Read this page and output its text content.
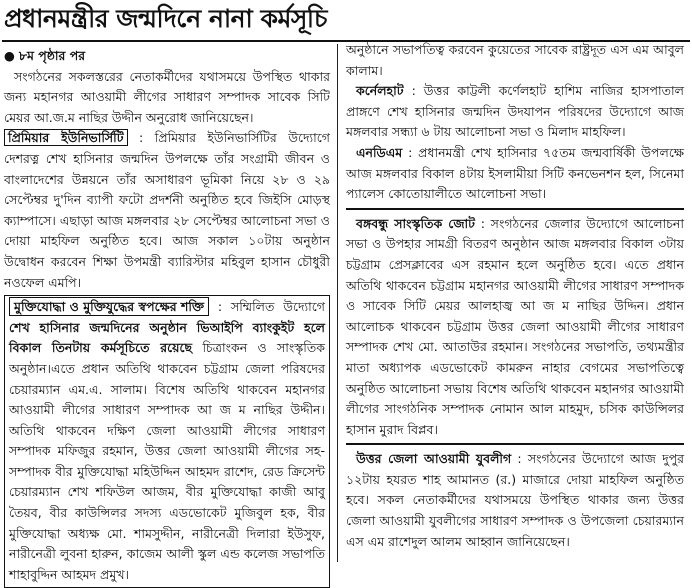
প্রধানমন্ত্রীর জন্মদিনে নানা কর্মসূচি

● ৮ম পৃষ্ঠার পর

সংগঠনের সকলস্তরের নেতাকর্মীদের যথাসময়ে উপস্থিত থাকার জন্য মহানগর আওয়ামী লীগের সাধারণ সম্পাদক সাবেক সিটি মেয়র আ.জ.ম নাছির উদ্দীন অনুরোধ জানিয়েছেন।

প্রিমিয়ার ইউনিভার্সিটি : প্রিমিয়ার ইউনিভার্সিটির উদ্যোগে দেশরত্ন শেখ হাসিনার জন্মদিন উপলক্ষে তাঁর সংগ্রামী জীবন ও বাংলাদেশের উন্নয়নে তাঁর অসাধারণ ভূমিকা নিয়ে ২৮ ও ২৯ সেপ্টেম্বর দু'দিন ব্যাপী ফটো প্রদর্শনী অনুষ্ঠিত হবে জিইসি মোড়স্থ ক্যাম্পাসে। এছাড়া আজ মঙ্গলবার ২৮ সেপ্টেম্বর আলোচনা সভা ও দোয়া মাহফিল অনুষ্ঠিত হবে। আজ সকাল ১০টায় অনুষ্ঠান উদ্বোধন করবেন শিক্ষা উপমন্ত্রী ব্যারিস্টার মহিবুল হাসান চৌধুরী নওফেল এমপি।

মুক্তিযোদ্ধা ও মুক্তিযুদ্ধের স্বপক্ষের শক্তি : সম্মিলিত উদ্যোগে শেখ হাসিনার জন্মদিনের অনুষ্ঠান ভিআইপি ব্যাংকুইট হলে বিকাল তিনটায় কর্মসূচিতে রয়েছে চিত্রাংকন ও সাংস্কৃতিক অনুষ্ঠান।এতে প্রধান অতিথি থাকবেন চট্টগ্রাম জেলা পরিষদের চেয়ারম্যান এম.এ. সালাম। বিশেষ অতিথি থাকবেন মহানগর আওয়ামী লীগের সাধারণ সম্পাদক আ জ ম নাছির উদ্দীন। অতিথি থাকবেন দক্ষিণ জেলা আওয়ামী লীগের সাধারণ সম্পাদক মফিজুর রহমান, উত্তর জেলা আওয়ামী লীগের সহ-সম্পাদক বীর মুক্তিযোদ্ধা মহিউদ্দিন আহমদ রাশেদ, রেড ক্রিসেন্ট চেয়ারম্যান শেখ শফিউল আজম, বীর মুক্তিযোদ্ধা কাজী আবু তৈয়ব, বীর কাউন্সিলর সদস্য এডভোকেট মুজিবুল হক, বীর মুক্তিযোদ্ধা অধ্যক্ষ মো. শামসুদ্দীন, নারীনেত্রী দিলারা ইউসুফ, নারীনেত্রী লুবনা হারুন, কাজেম আলী স্কুল এন্ড কলেজ সভাপতি শাহাবুদ্দিন আহমদ প্রমুখ।

অনুষ্ঠানে সভাপতিত্ব করবেন কুয়েতের সাবেক রাষ্ট্রদূত এস এম আবুল কালাম।

কর্নেলহাট : উত্তর কাট্টলী কর্ণেলহাট হাশিম নাজির হাসপাতাল প্রাঙ্গণে শেখ হাসিনার জন্মদিন উদযাপন পরিষদের উদ্যোগে আজ মঙ্গলবার সন্ধ্যা ৬ টায় আলোচনা সভা ও মিলাদ মাহফিল।

এনডিএম : প্রধানমন্ত্রী শেখ হাসিনার ৭৫তম জন্মবার্ষিকী উপলক্ষে আজ মঙ্গলবার বিকাল ৪টায় ইসলামীয়া সিটি কনভেনশন হল, সিনেমা প্যালেস কোতোয়ালীতে আলোচনা সভা।

বঙ্গবন্ধু সাংস্কৃতিক জোট : সংগঠনের জেলার উদ্যোগে আলোচনা সভা ও উপহার সামগ্রী বিতরণ অনুষ্ঠান আজ মঙ্গলবার বিকাল ৩টায় চট্টগ্রাম প্রেসক্লাবের এস রহমান হলে অনুষ্ঠিত হবে। এতে প্রধান অতিথি থাকবেন চট্টগ্রাম মহানগর আওয়ামী লীগের সাধারণ সম্পাদক ও সাবেক সিটি মেয়র আলহাজ্ব আ জ ম নাছির উদ্দিন। প্রধান আলোচক থাকবেন চট্টগ্রাম উত্তর জেলা আওয়ামী লীগের সাধারণ সম্পাদক শেখ মো. আতাউর রহমান। সংগঠনের সভাপতি, তথ্যমন্ত্রীর মাতা অধ্যাপক এডভোকেট কামরুন নাহার বেগমের সভাপতিত্বে অনুষ্ঠিত আলোচনা সভায় বিশেষ অতিথি থাকবেন মহানগর আওয়ামী লীগের সাংগঠনিক সম্পাদক নোমান আল মাহমুদ, চসিক কাউন্সিলর হাসান মুরাদ বিপ্লব।

উত্তর জেলা আওয়ামী যুবলীগ : সংগঠনের উদ্যোগে আজ দুপুর ১২টায় হযরত শাহ আমানত (র.) মাজারে দোয়া মাহফিল অনুষ্ঠিত হবে। সকল নেতাকর্মীদের যথাসময়ে উপস্থিত থাকার জন্য উত্তর জেলা আওয়ামী যুবলীগের সাধারণ সম্পাদক ও উপজেলা চেয়ারম্যান এস এম রাশেদুল আলম আহ্বান জানিয়েছেন।
